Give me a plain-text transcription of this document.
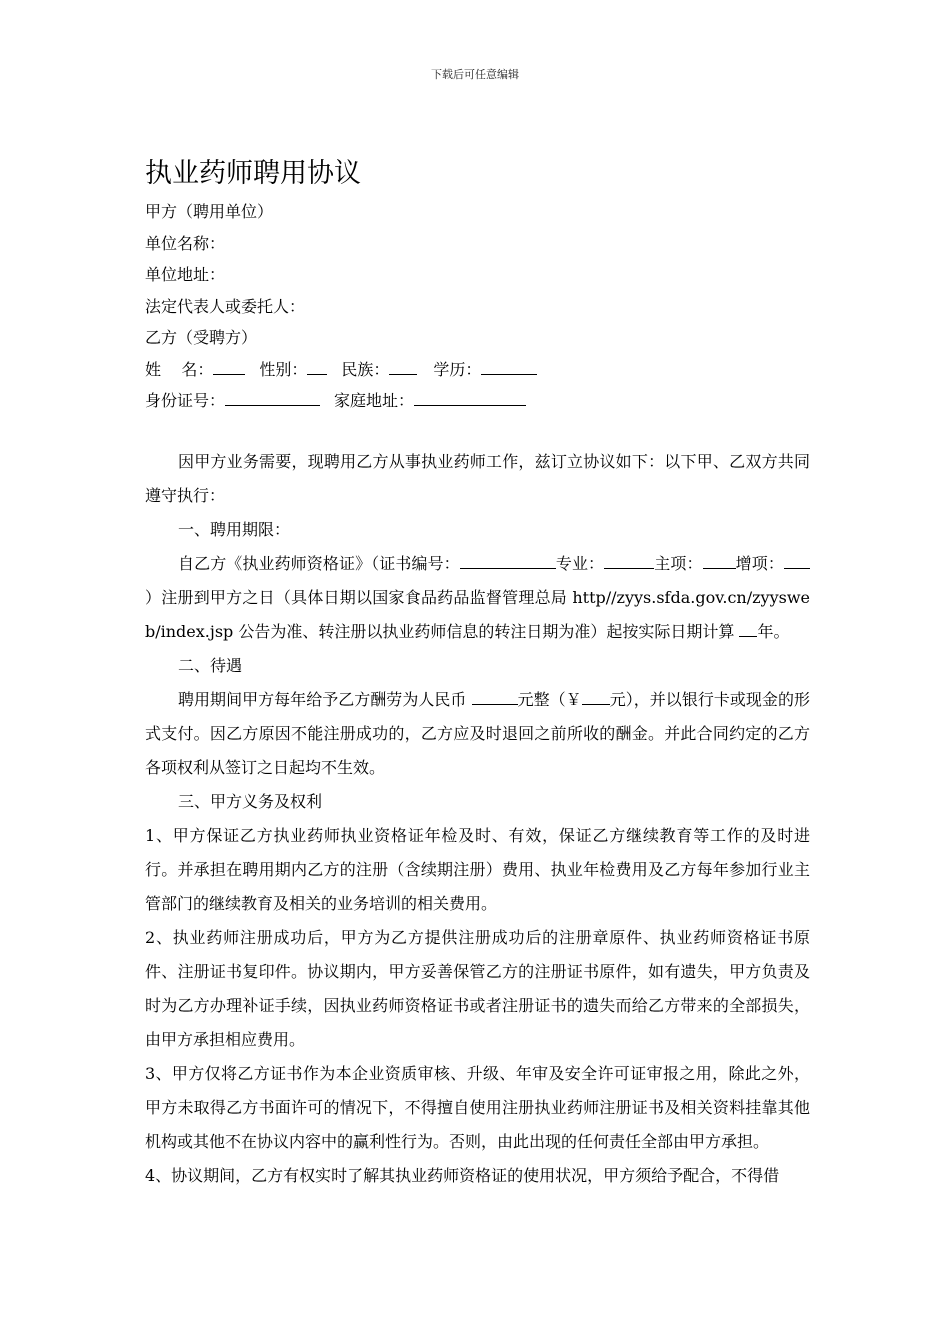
下载后可任意编辑
执业药师聘用协议
甲方（聘用单位）
单位名称：
单位地址：
法定代表人或委托人：
乙方（受聘方）
姓    名：	性别： 民族：	学历：
身份证号：	家庭地址：
因甲方业务需要，现聘用乙方从事执业药师工作，兹订立协议如下：以下甲、乙双方共同遵守执行：
一、聘用期限：
自乙方《执业药师资格证》（证书编号：	专业：	主项： 增项：）注册到甲方之日（具体日期以国家食品药品监督管理总局 http//zyys.sfda.gov.cn/zyysweb/index.jsp 公告为准、转注册以执业药师信息的转注日期为准）起按实际日期计算 年。
二、待遇
聘用期间甲方每年给予乙方酬劳为人民币	元整（￥ 元），并以银行卡或现金的形式支付。因乙方原因不能注册成功的，乙方应及时退回之前所收的酬金。并此合同约定的乙方各项权利从签订之日起均不生效。
三、甲方义务及权利
1、甲方保证乙方执业药师执业资格证年检及时、有效，保证乙方继续教育等工作的及时进行。并承担在聘用期内乙方的注册（含续期注册）费用、执业年检费用及乙方每年参加行业主管部门的继续教育及相关的业务培训的相关费用。
2、执业药师注册成功后，甲方为乙方提供注册成功后的注册章原件、执业药师资格证书原件、注册证书复印件。协议期内，甲方妥善保管乙方的注册证书原件，如有遗失，甲方负责及时为乙方办理补证手续，因执业药师资格证书或者注册证书的遗失而给乙方带来的全部损失，由甲方承担相应费用。
3、甲方仅将乙方证书作为本企业资质审核、升级、年审及安全许可证审报之用，除此之外，甲方未取得乙方书面许可的情况下，不得擅自使用注册执业药师注册证书及相关资料挂靠其他机构或其他不在协议内容中的赢利性行为。否则，由此出现的任何责任全部由甲方承担。
4、协议期间，乙方有权实时了解其执业药师资格证的使用状况，甲方须给予配合，不得借
